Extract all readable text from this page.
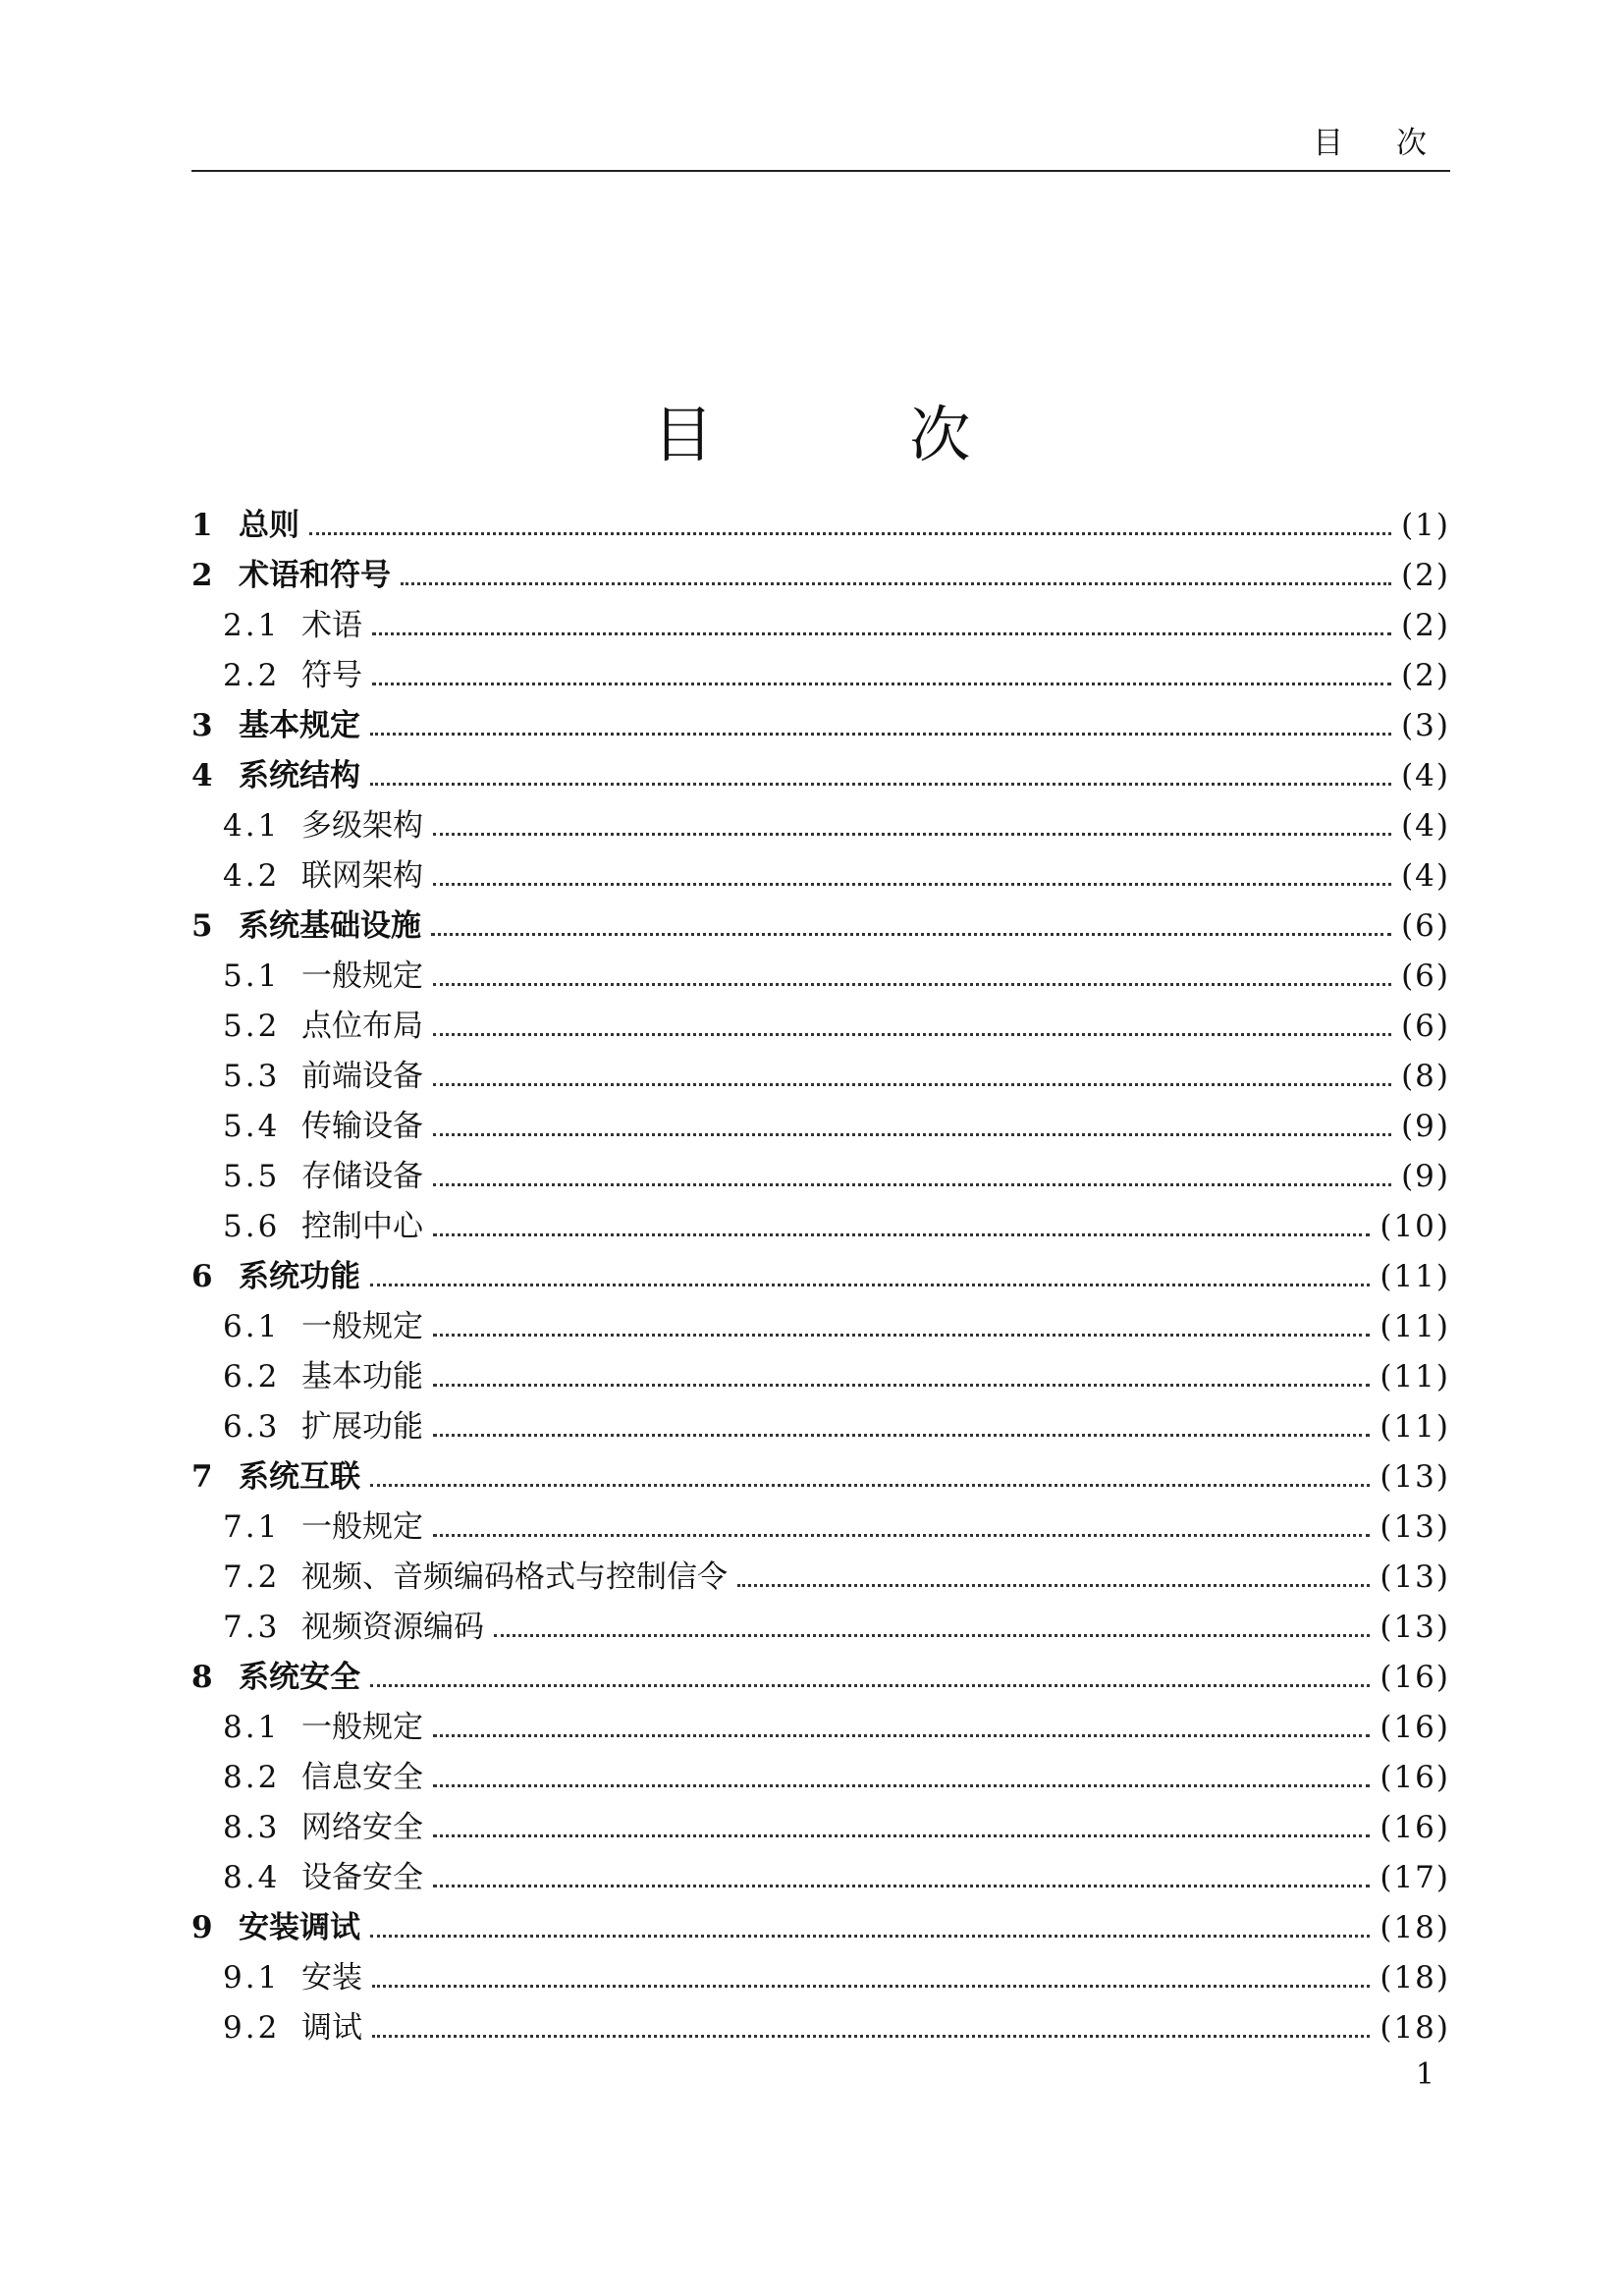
目 次
目 次
1 总则	(1)
2 术语和符号	(2)
2.1 术语	(2)
2.2 符号	(2)
3 基本规定	(3)
4 系统结构	(4)
4.1 多级架构	(4)
4.2 联网架构	(4)
5 系统基础设施	(6)
5.1 一般规定	(6)
5.2 点位布局	(6)
5.3 前端设备	(8)
5.4 传输设备	(9)
5.5 存储设备	(9)
5.6 控制中心	(10)
6 系统功能	(11)
6.1 一般规定	(11)
6.2 基本功能	(11)
6.3 扩展功能	(11)
7 系统互联	(13)
7.1 一般规定	(13)
7.2 视频、音频编码格式与控制信令	(13)
7.3 视频资源编码	(13)
8 系统安全	(16)
8.1 一般规定	(16)
8.2 信息安全	(16)
8.3 网络安全	(16)
8.4 设备安全	(17)
9 安装调试	(18)
9.1 安装	(18)
9.2 调试	(18)
1
